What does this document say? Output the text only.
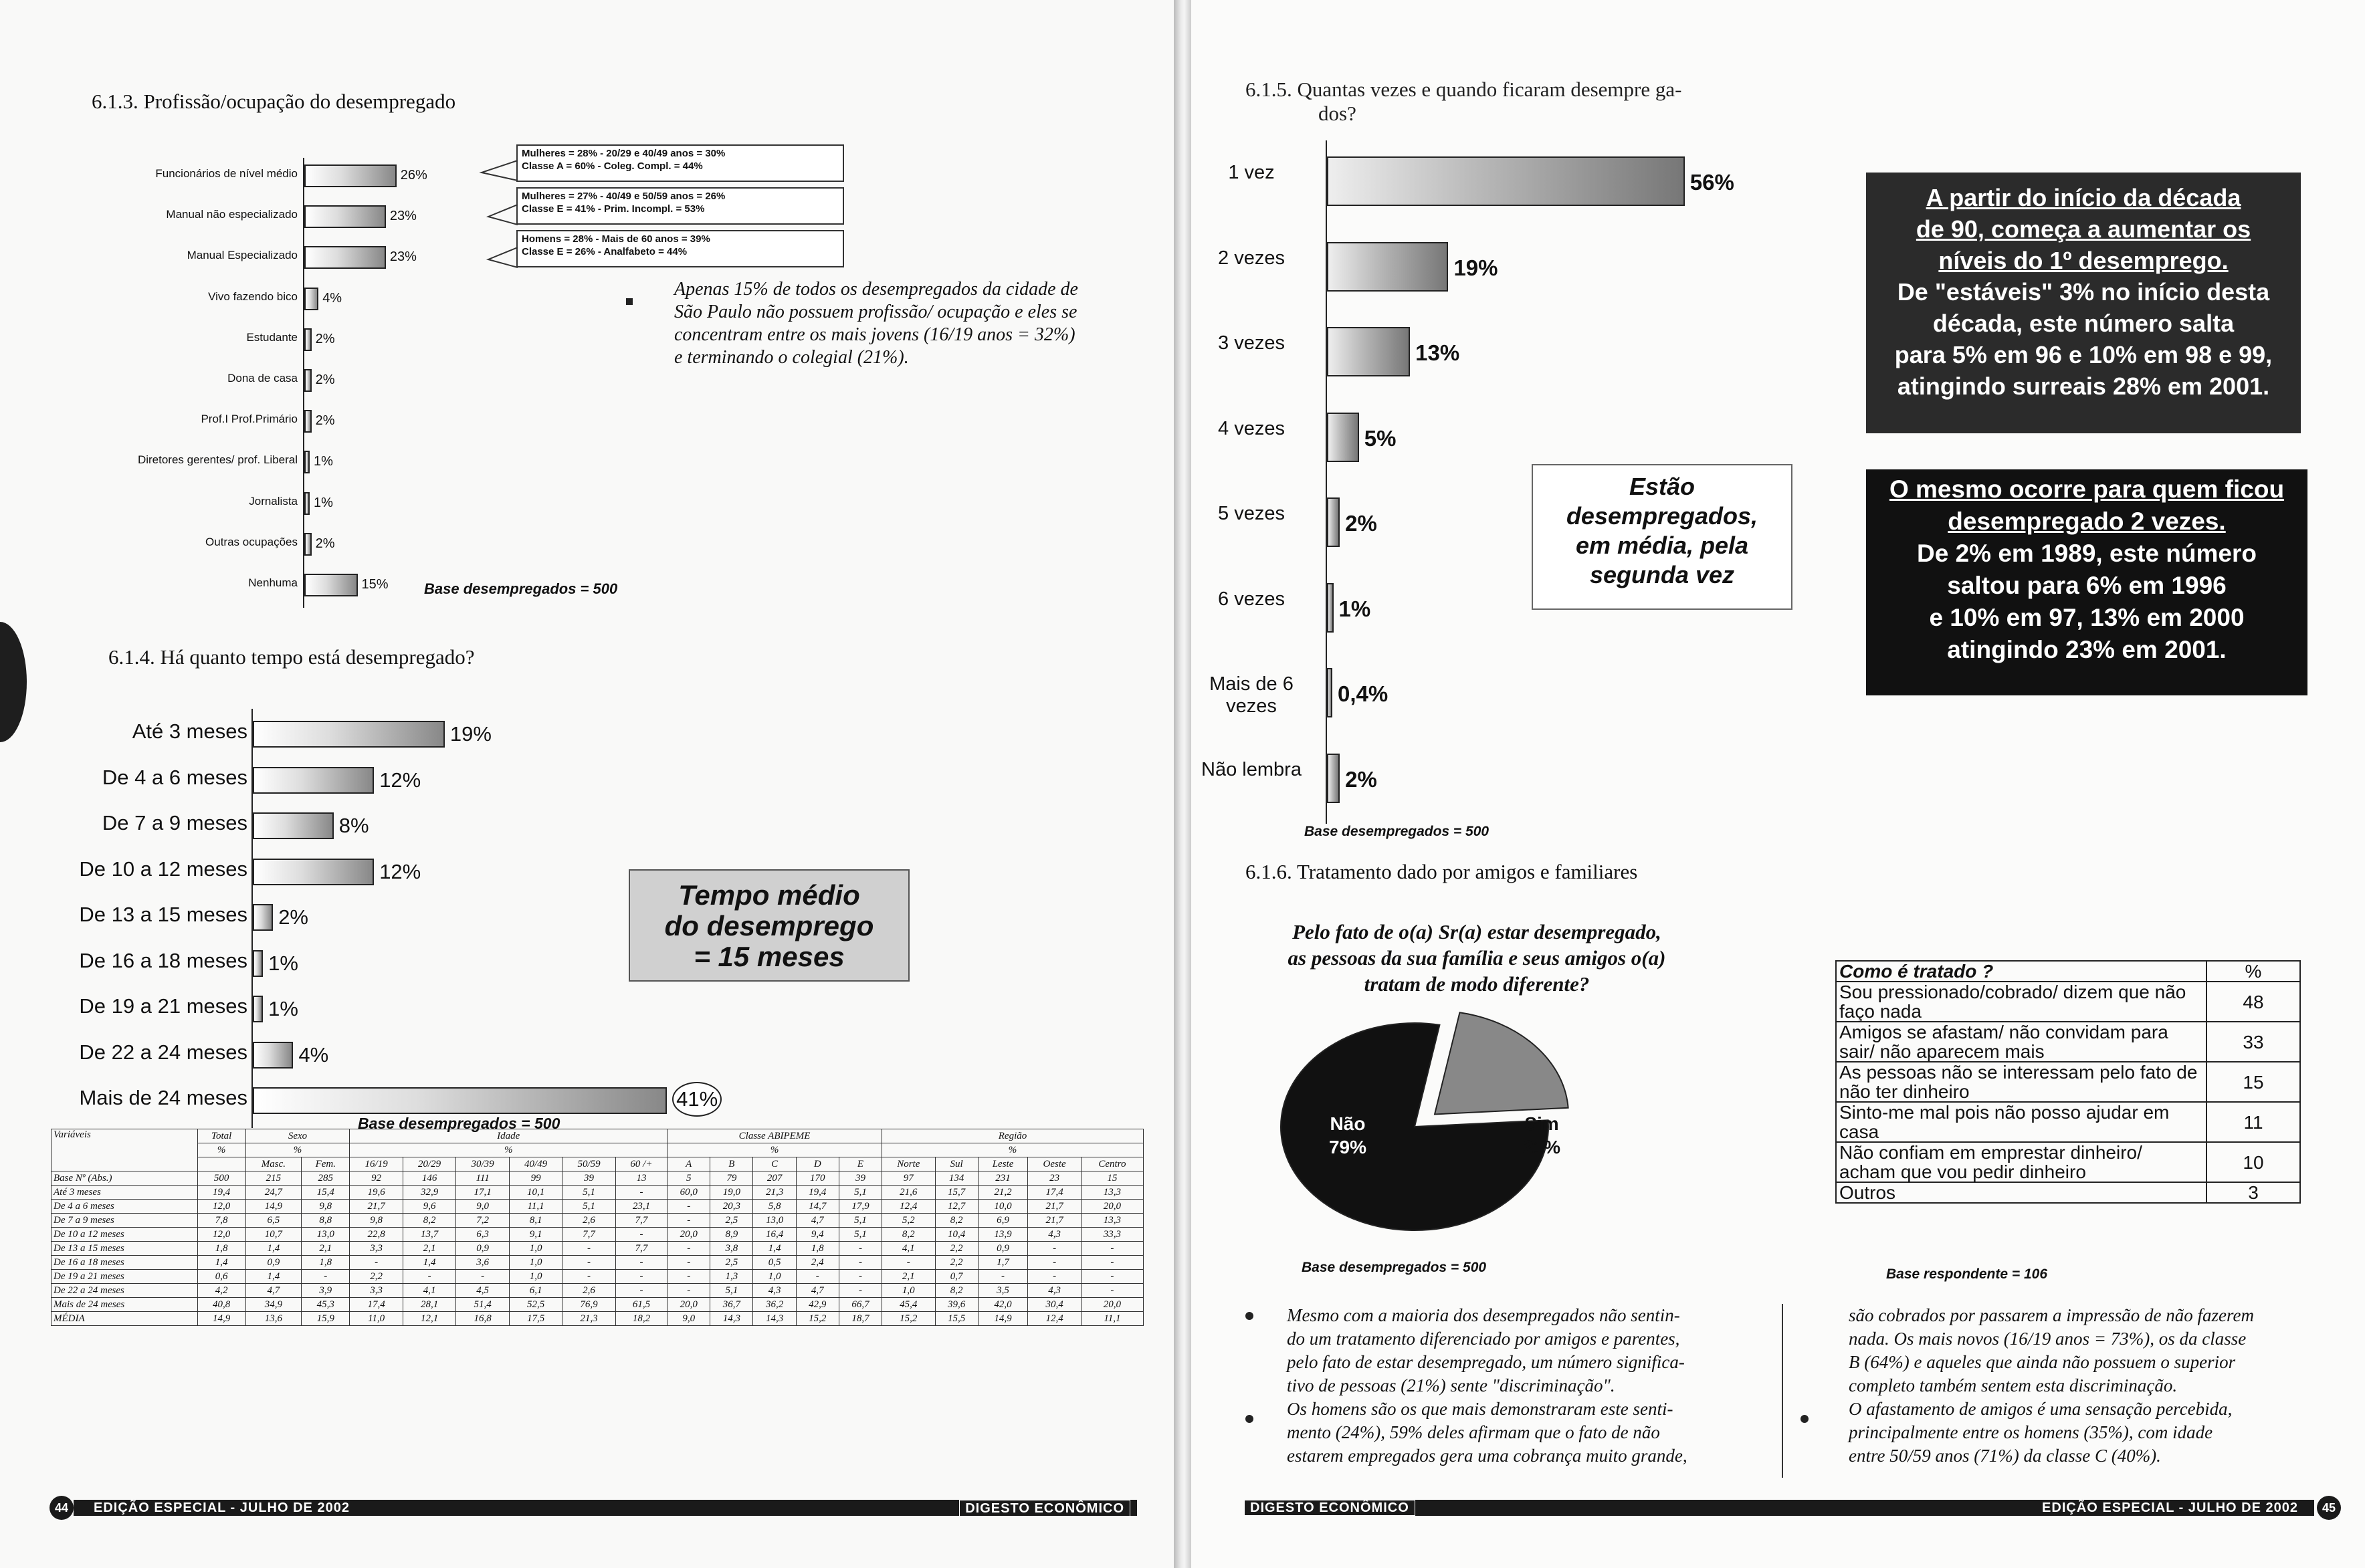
6.1.3. Profissão/ocupação do desempregado
Funcionários de nível médio	26%
Manual não especializado	23%
Manual Especializado	23%
Vivo fazendo bico 4%
Estudante 2%
Dona de casa 2%
Prof.I Prof.Primário 2%
Diretores gerentes/ prof. Liberal 1%
Jornalista 1%
Outras ocupações 2%
Nenhuma	15% Base desempregados = 500
Mulheres = 28% - 20/29 e 40/49 anos = 30%
Classe A = 60% - Coleg. Compl. = 44%
Mulheres = 27% - 40/49 e 50/59 anos = 26%
Classe E = 41% - Prim. Incompl. = 53%
Homens = 28% - Mais de 60 anos = 39%
Classe E = 26% - Analfabeto = 44%
Apenas 15% de todos os desempregados da cidade de
São Paulo não possuem profissão/ ocupação e eles se
concentram entre os mais jovens (16/19 anos = 32%)
e terminando o colegial (21%).
6.1.4. Há quanto tempo está desempregado?
Até 3 meses	19%
De 4 a 6 meses	12%
De 7 a 9 meses	8%
De 10 a 12 meses	12%
De 13 a 15 meses 2%
De 16 a 18 meses 1%
De 19 a 21 meses 1%
De 22 a 24 meses 4%
Mais de 24 meses	41%
Base desempregados = 500
Tempo médio
do desemprego
= 15 meses
Variáveis	Total	Sexo		Idade						Classe ABIPEME					Região				
	%	%		%						%					%				
		Masc.	Fem.	16/19	20/29	30/39	40/49	50/59	60 /+	A	B	C	D	E	Norte	Sul	Leste	Oeste	Centro
Base Nº (Abs.)	500	215	285	92	146	111	99	39	13	5	79	207	170	39	97	134	231	23	15
Até 3 meses	19,4	24,7	15,4	19,6	32,9	17,1	10,1	5,1	-	60,0	19,0	21,3	19,4	5,1	21,6	15,7	21,2	17,4	13,3
De 4 a 6 meses	12,0	14,9	9,8	21,7	9,6	9,0	11,1	5,1	23,1	-	20,3	5,8	14,7	17,9	12,4	12,7	10,0	21,7	20,0
De 7 a 9 meses	7,8	6,5	8,8	9,8	8,2	7,2	8,1	2,6	7,7	-	2,5	13,0	4,7	5,1	5,2	8,2	6,9	21,7	13,3
De 10 a 12 meses	12,0	10,7	13,0	22,8	13,7	6,3	9,1	7,7	-	20,0	8,9	16,4	9,4	5,1	8,2	10,4	13,9	4,3	33,3
De 13 a 15 meses	1,8	1,4	2,1	3,3	2,1	0,9	1,0	-	7,7	-	3,8	1,4	1,8	-	4,1	2,2	0,9	-	-
De 16 a 18 meses	1,4	0,9	1,8	-	1,4	3,6	1,0	-	-	-	2,5	0,5	2,4	-	-	2,2	1,7	-	-
De 19 a 21 meses	0,6	1,4	-	2,2	-	-	1,0	-	-	-	1,3	1,0	-	-	2,1	0,7	-	-	-
De 22 a 24 meses	4,2	4,7	3,9	3,3	4,1	4,5	6,1	2,6	-	-	5,1	4,3	4,7	-	1,0	8,2	3,5	4,3	-
Mais de 24 meses	40,8	34,9	45,3	17,4	28,1	51,4	52,5	76,9	61,5	20,0	36,7	36,2	42,9	66,7	45,4	39,6	42,0	30,4	20,0
MÉDIA	14,9	13,6	15,9	11,0	12,1	16,8	17,5	21,3	18,2	9,0	14,3	14,3	15,2	18,7	15,2	15,5	14,9	12,4	11,1
44	EDIÇÃO ESPECIAL - JULHO DE 2002	DIGESTO ECONÔMICO
6.1.5. Quantas vezes e quando ficaram desempre ga-
dos?
1 vez	56%
2 vezes	19%
3 vezes	13%
4 vezes	5%
5 vezes	2%
6 vezes	1%
Mais de 6 vezes	0,4%
Não lembra 2%
Base desempregados = 500
Estão
desempregados,
em média, pela
segunda vez
A partir do início da década
de 90, começa a aumentar os
níveis do 1º desemprego.
De "estáveis" 3% no início desta
década, este número salta
para 5% em 96 e 10% em 98 e 99,
atingindo surreais 28% em 2001.
O mesmo ocorre para quem ficou
desempregado 2 vezes.
De 2% em 1989, este número
saltou para 6% em 1996
e 10% em 97, 13% em 2000
atingindo 23% em 2001.
6.1.6. Tratamento dado por amigos e familiares
Pelo fato de o(a) Sr(a) estar desempregado,
as pessoas da sua família e seus amigos o(a)
tratam de modo diferente?
Não
79%
Sim
21%
Base desempregados = 500
Como é tratado ?	%
Sou pressionado/cobrado/ dizem que não faço nada	48
Amigos se afastam/ não convidam para sair/ não aparecem mais	33
As pessoas não se interessam pelo fato de não ter dinheiro	15
Sinto-me mal pois não posso ajudar em casa	11
Não confiam em emprestar dinheiro/ acham que vou pedir dinheiro	10
Outros	3
Base respondente = 106
Mesmo com a maioria dos desempregados não sentin-
do um tratamento diferenciado por amigos e parentes,
pelo fato de estar desempregado, um número significa-
tivo de pessoas (21%) sente "discriminação".
Os homens são os que mais demonstraram este senti-
mento (24%), 59% deles afirmam que o fato de não
estarem empregados gera uma cobrança muito grande,
são cobrados por passarem a impressão de não fazerem
nada. Os mais novos (16/19 anos = 73%), os da classe
B (64%) e aqueles que ainda não possuem o superior
completo também sentem esta discriminação.
O afastamento de amigos é uma sensação percebida,
principalmente entre os homens (35%), com idade
entre 50/59 anos (71%) da classe C (40%).
DIGESTO ECONÔMICO	EDIÇÃO ESPECIAL - JULHO DE 2002	45
